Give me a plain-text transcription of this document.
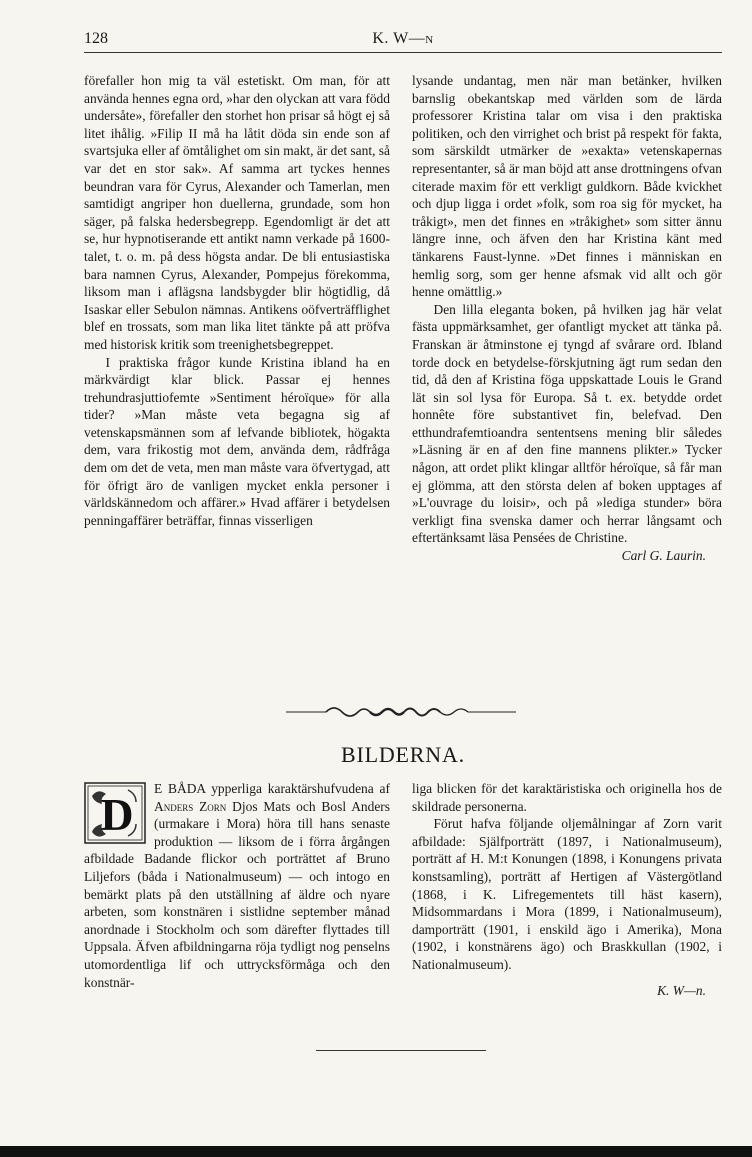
128	K. W—N

förefaller hon mig ta väl estetiskt. Om man, för att använda hennes egna ord, »har den olyckan att vara född undersåte», förefaller den storhet hon prisar så högt ej så litet ihålig. »Filip II må ha låtit döda sin ende son af svartsjuka eller af ömtålighet om sin makt, är det sant, så var det en stor sak». Af samma art tyckes hennes beundran vara för Cyrus, Alexander och Tamerlan, men samtidigt angriper hon duellerna, grundade, som hon säger, på falska hedersbegrepp. Egendomligt är det att se, hur hypnotiserande ett antikt namn verkade på 1600-talet, t. o. m. på dess högsta andar. De bli entusiastiska bara namnen Cyrus, Alexander, Pompejus förekomma, liksom man i aflägsna landsbygder blir högtidlig, då Isaskar eller Sebulon nämnas. Antikens oöfverträfflighet blef en trossats, som man lika litet tänkte på att pröfva med historisk kritik som treenighetsbegreppet.

I praktiska frågor kunde Kristina ibland ha en märkvärdigt klar blick. Passar ej hennes trehundrasjuttiofemte »Sentiment héroïque» för alla tider? »Man måste veta begagna sig af vetenskapsmännen som af lefvande bibliotek, högakta dem, vara frikostig mot dem, använda dem, rådfråga dem om det de veta, men man måste vara öfvertygad, att för öfrigt äro de vanligen mycket enkla personer i världskännedom och affärer.» Hvad affärer i betydelsen penningaffärer beträffar, finnas visserligen

lysande undantag, men när man betänker, hvilken barnslig obekantskap med världen som de lärda professorer Kristina talar om visa i den praktiska politiken, och den virrighet och brist på respekt för fakta, som särskildt utmärker de »exakta» vetenskapernas representanter, så är man böjd att anse drottningens ofvan citerade maxim för ett verkligt guldkorn. Både kvickhet och djup ligga i ordet »folk, som roa sig för mycket, ha tråkigt», men det finnes en »tråkighet» som sitter ännu längre inne, och äfven den har Kristina känt med tänkarens Faust-lynne. »Det finnes i människan en hemlig sorg, som ger henne afsmak vid allt och gör henne omättlig.»

Den lilla eleganta boken, på hvilken jag här velat fästa uppmärksamhet, ger ofantligt mycket att tänka på. Franskan är åtminstone ej tyngd af svårare ord. Ibland torde dock en betydelse-förskjutning ägt rum sedan den tid, då den af Kristina föga uppskattade Louis le Grand lät sin sol lysa för Europa. Så t. ex. betydde ordet honnête före substantivet fin, belefvad. Den etthundrafemtioandra sententsens mening blir således »Läsning är en af den fine mannens plikter.» Tycker någon, att ordet plikt klingar alltför héroïque, så får man ej glömma, att den största delen af boken upptages af »L'ouvrage du loisir», och på »lediga stunder» böra verkligt fina svenska damer och herrar långsamt och eftertänksamt läsa Pensées de Christine.

Carl G. Laurin.

BILDERNA.

D
E BÅDA ypperliga karaktärshufvudena af Anders Zorn Djos Mats och Bosl Anders (urmakare i Mora) höra till hans senaste produktion — liksom de i förra årgången afbildade Badande flickor och porträttet af Bruno Liljefors (båda i Nationalmuseum) — och intogo en bemärkt plats på den utställning af äldre och nyare arbeten, som konstnären i sistlidne september månad anordnade i Stockholm och som därefter flyttades till Uppsala. Äfven afbildningarna röja tydligt nog penselns utomordentliga lif och uttrycksförmåga och den konstnär-

liga blicken för det karaktäristiska och originella hos de skildrade personerna.

Förut hafva följande oljemålningar af Zorn varit afbildade: Själfporträtt (1897, i Nationalmuseum), porträtt af H. M:t Konungen (1898, i Konungens privata konstsamling), porträtt af Hertigen af Västergötland (1868, i K. Lifregementets till häst kasern), Midsommardans i Mora (1899, i Nationalmuseum), damporträtt (1901, i enskild ägo i Amerika), Mona (1902, i konstnärens ägo) och Braskkullan (1902, i Nationalmuseum).

K. W—n.
